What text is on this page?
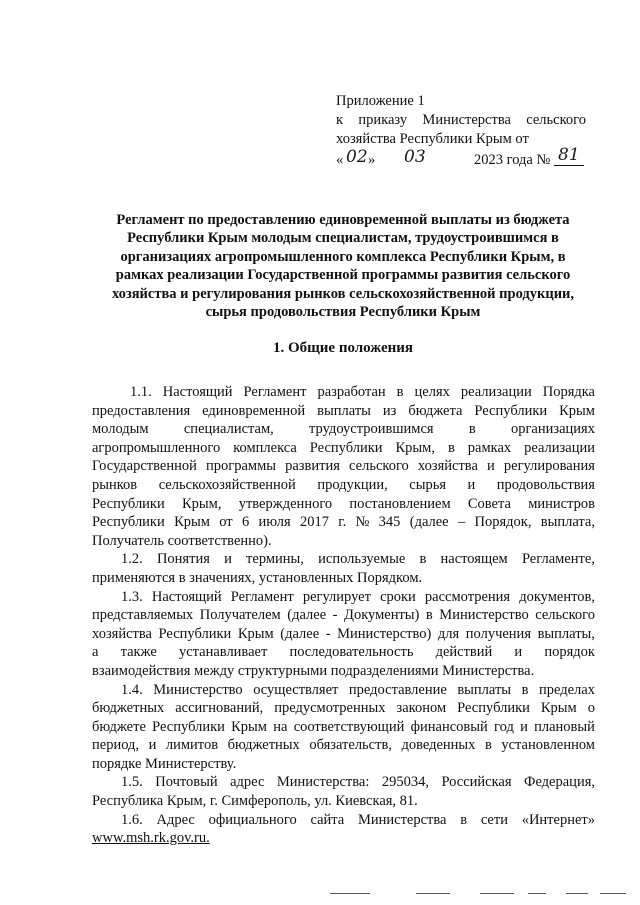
Приложение 1
к приказу Министерства сельского
хозяйства Республики Крым от
« 02 » 03	2023 года № 81
Регламент по предоставлению единовременной выплаты из бюджета
Республики Крым молодым специалистам, трудоустроившимся в
организациях агропромышленного комплекса Республики Крым, в
рамках реализации Государственной программы развития сельского
хозяйства и регулирования рынков сельскохозяйственной продукции,
сырья продовольствия Республики Крым
1. Общие положения
1.1. Настоящий Регламент разработан в целях реализации Порядка
предоставления единовременной выплаты из бюджета Республики Крым
молодым специалистам, трудоустроившимся в организациях
агропромышленного комплекса Республики Крым, в рамках реализации
Государственной программы развития сельского хозяйства и регулирования
рынков сельскохозяйственной продукции, сырья и продовольствия
Республики Крым, утвержденного постановлением Совета министров
Республики Крым от 6 июля 2017 г. № 345 (далее – Порядок, выплата,
Получатель соответственно).
1.2. Понятия и термины, используемые в настоящем Регламенте,
применяются в значениях, установленных Порядком.
1.3. Настоящий Регламент регулирует сроки рассмотрения документов,
представляемых Получателем (далее - Документы) в Министерство сельского
хозяйства Республики Крым (далее - Министерство) для получения выплаты,
а также устанавливает последовательность действий и порядок
взаимодействия между структурными подразделениями Министерства.
1.4. Министерство осуществляет предоставление выплаты в пределах
бюджетных ассигнований, предусмотренных законом Республики Крым о
бюджете Республики Крым на соответствующий финансовый год и плановый
период, и лимитов бюджетных обязательств, доведенных в установленном
порядке Министерству.
1.5. Почтовый адрес Министерства: 295034, Российская Федерация,
Республика Крым, г. Симферополь, ул. Киевская, 81.
1.6. Адрес официального сайта Министерства в сети «Интернет»
www.msh.rk.gov.ru.
